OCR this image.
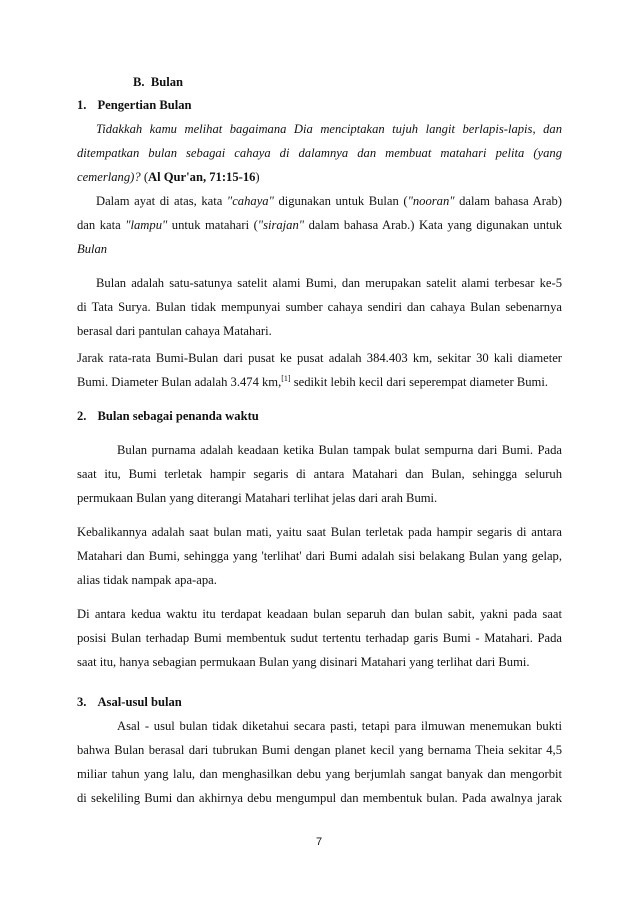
B. Bulan
1. Pengertian Bulan
Tidakkah kamu melihat bagaimana Dia menciptakan tujuh langit berlapis-lapis, dan
ditempatkan bulan sebagai cahaya di dalamnya dan membuat matahari pelita (yang
cemerlang)? (Al Qur'an, 71:15-16)
Dalam ayat di atas, kata "cahaya" digunakan untuk Bulan ("nooran" dalam bahasa Arab)
dan kata "lampu" untuk matahari ("sirajan" dalam bahasa Arab.) Kata yang digunakan untuk
Bulan
Bulan adalah satu-satunya satelit alami Bumi, dan merupakan satelit alami terbesar ke-5
di Tata Surya. Bulan tidak mempunyai sumber cahaya sendiri dan cahaya Bulan sebenarnya
berasal dari pantulan cahaya Matahari.
Jarak rata-rata Bumi-Bulan dari pusat ke pusat adalah 384.403 km, sekitar 30 kali diameter
Bumi. Diameter Bulan adalah 3.474 km,[1] sedikit lebih kecil dari seperempat diameter Bumi.
2. Bulan sebagai penanda waktu
Bulan purnama adalah keadaan ketika Bulan tampak bulat sempurna dari Bumi. Pada
saat itu, Bumi terletak hampir segaris di antara Matahari dan Bulan, sehingga seluruh
permukaan Bulan yang diterangi Matahari terlihat jelas dari arah Bumi.
Kebalikannya adalah saat bulan mati, yaitu saat Bulan terletak pada hampir segaris di antara
Matahari dan Bumi, sehingga yang 'terlihat' dari Bumi adalah sisi belakang Bulan yang gelap,
alias tidak nampak apa-apa.
Di antara kedua waktu itu terdapat keadaan bulan separuh dan bulan sabit, yakni pada saat
posisi Bulan terhadap Bumi membentuk sudut tertentu terhadap garis Bumi - Matahari. Pada
saat itu, hanya sebagian permukaan Bulan yang disinari Matahari yang terlihat dari Bumi.
3. Asal-usul bulan
Asal - usul bulan tidak diketahui secara pasti, tetapi para ilmuwan menemukan bukti
bahwa Bulan berasal dari tubrukan Bumi dengan planet kecil yang bernama Theia sekitar 4,5
miliar tahun yang lalu, dan menghasilkan debu yang berjumlah sangat banyak dan mengorbit
di sekeliling Bumi dan akhirnya debu mengumpul dan membentuk bulan. Pada awalnya jarak
7
